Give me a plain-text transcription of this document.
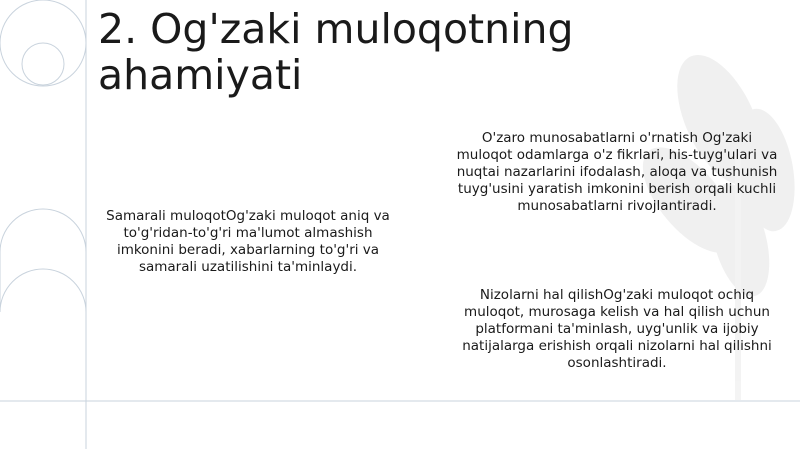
2. Og'zaki muloqotning ahamiyati

Samarali muloqotOg'zaki muloqot aniq va to'g'ridan-to'g'ri ma'lumot almashish imkonini beradi, xabarlarning to'g'ri va samarali uzatilishini ta'minlaydi.

O'zaro munosabatlarni o'rnatish Og'zaki muloqot odamlarga o'z fikrlari, his-tuyg'ulari va nuqtai nazarlarini ifodalash, aloqa va tushunish tuyg'usini yaratish imkonini berish orqali kuchli munosabatlarni rivojlantiradi.

Nizolarni hal qilishOg'zaki muloqot ochiq muloqot, murosaga kelish va hal qilish uchun platformani ta'minlash, uyg'unlik va ijobiy natijalarga erishish orqali nizolarni hal qilishni osonlashtiradi.
